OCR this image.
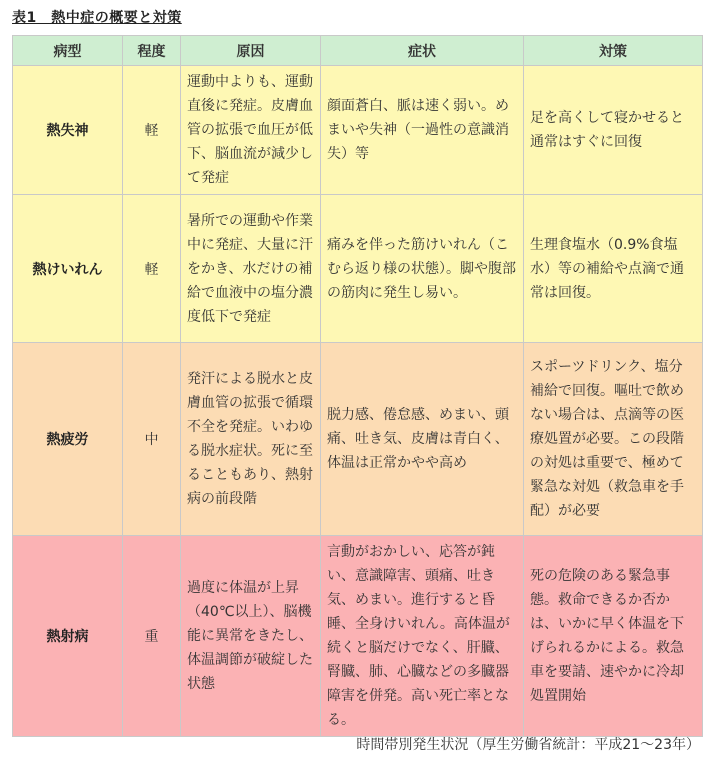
表1　熱中症の概要と対策
病型	程度	原因	症状	対策
熱失神	軽	運動中よりも、運動直後に発症。皮膚血管の拡張で血圧が低下、脳血流が減少して発症	顔面蒼白、脈は速く弱い。めまいや失神（一過性の意識消失）等	足を高くして寝かせると通常はすぐに回復
熱けいれん	軽	暑所での運動や作業中に発症、大量に汗をかき、水だけの補給で血液中の塩分濃度低下で発症	痛みを伴った筋けいれん（こむら返り様の状態）。脚や腹部の筋肉に発生し易い。	生理食塩水（0.9%食塩水）等の補給や点滴で通常は回復。
熱疲労	中	発汗による脱水と皮膚血管の拡張で循環不全を発症。いわゆる脱水症状。死に至ることもあり、熱射病の前段階	脱力感、倦怠感、めまい、頭痛、吐き気、皮膚は青白く、体温は正常かやや高め	スポーツドリンク、塩分補給で回復。嘔吐で飲めない場合は、点滴等の医療処置が必要。この段階の対処は重要で、極めて緊急な対処（救急車を手配）が必要
熱射病	重	過度に体温が上昇（40℃以上）、脳機能に異常をきたし、体温調節が破綻した状態	言動がおかしい、応答が鈍い、意識障害、頭痛、吐き気、めまい。進行すると昏睡、全身けいれん。高体温が続くと脳だけでなく、肝臓、腎臓、肺、心臓などの多臓器障害を併発。高い死亡率となる。	死の危険のある緊急事態。救命できるか否かは、いかに早く体温を下げられるかによる。救急車を要請、速やかに冷却処置開始
時間帯別発生状況（厚生労働省統計：平成21〜23年）
